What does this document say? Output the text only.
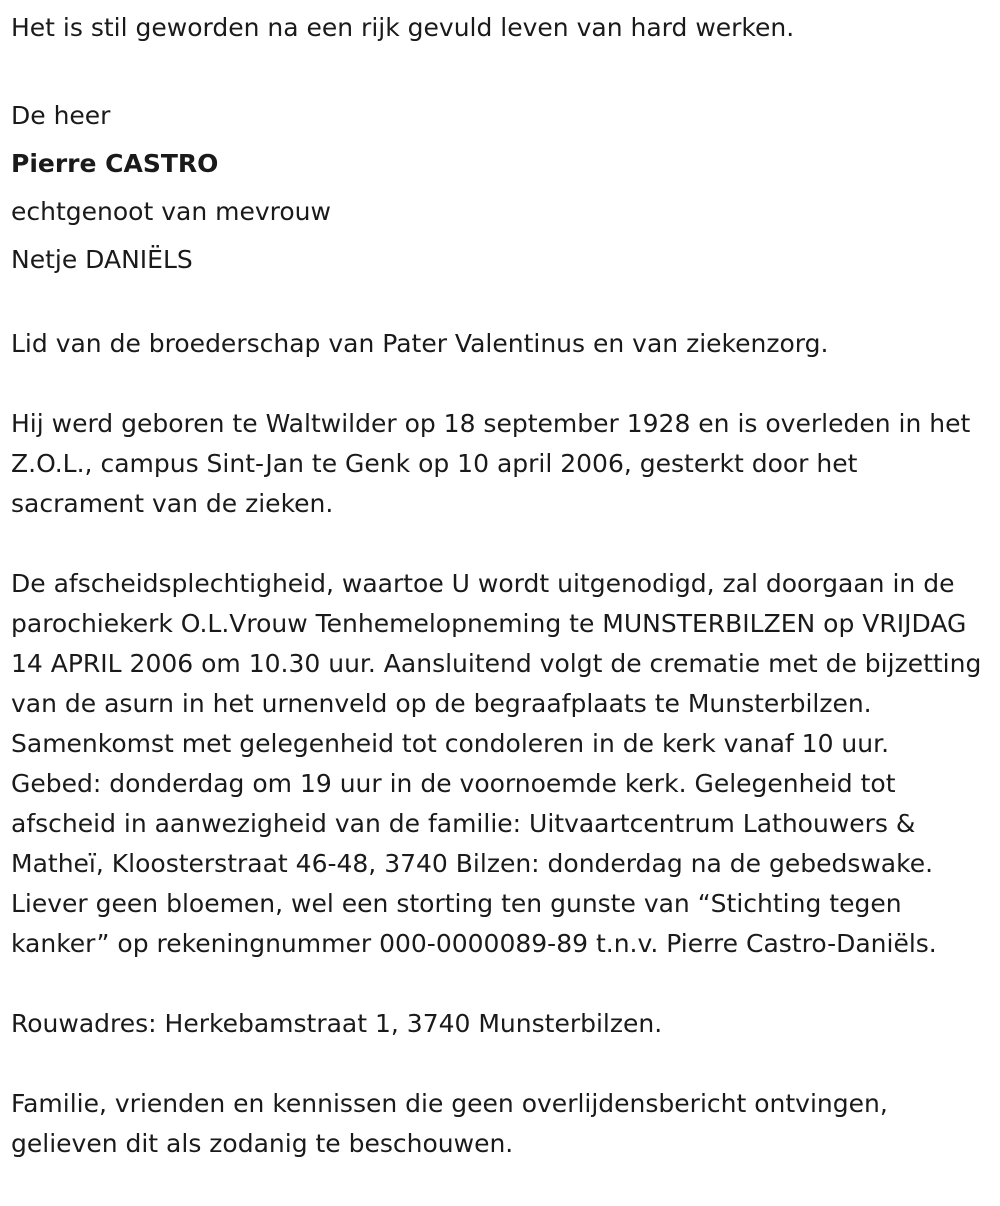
Het is stil geworden na een rijk gevuld leven van hard werken.

De heer

Pierre CASTRO

echtgenoot van mevrouw

Netje DANIËLS

Lid van de broederschap van Pater Valentinus en van ziekenzorg.

Hij werd geboren te Waltwilder op 18 september 1928 en is overleden in het Z.O.L., campus Sint-Jan te Genk op 10 april 2006, gesterkt door het sacrament van de zieken.

De afscheidsplechtigheid, waartoe U wordt uitgenodigd, zal doorgaan in de parochiekerk O.L.Vrouw Tenhemelopneming te MUNSTERBILZEN op VRIJDAG 14 APRIL 2006 om 10.30 uur. Aansluitend volgt de crematie met de bijzetting van de asurn in het urnenveld op de begraafplaats te Munsterbilzen. Samenkomst met gelegenheid tot condoleren in de kerk vanaf 10 uur. Gebed: donderdag om 19 uur in de voornoemde kerk. Gelegenheid tot afscheid in aanwezigheid van de familie: Uitvaartcentrum Lathouwers & Matheï, Kloosterstraat 46-48, 3740 Bilzen: donderdag na de gebedswake. Liever geen bloemen, wel een storting ten gunste van “Stichting tegen kanker” op rekeningnummer 000-0000089-89 t.n.v. Pierre Castro-Daniëls.

Rouwadres: Herkebamstraat 1, 3740 Munsterbilzen.

Familie, vrienden en kennissen die geen overlijdensbericht ontvingen, gelieven dit als zodanig te beschouwen.
